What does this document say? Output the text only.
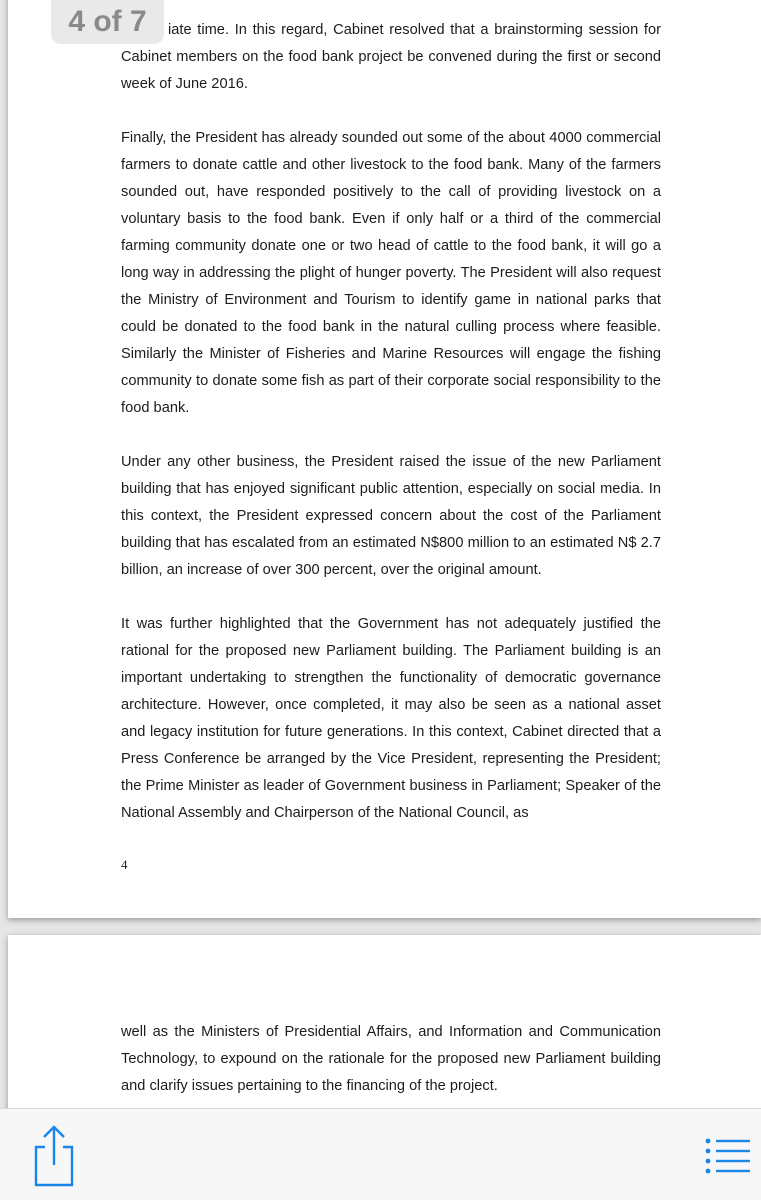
iate time. In this regard, Cabinet resolved that a brainstorming session for Cabinet members on the food bank project be convened during the first or second week of June 2016.

Finally, the President has already sounded out some of the about 4000 commercial farmers to donate cattle and other livestock to the food bank. Many of the farmers sounded out, have responded positively to the call of providing livestock on a voluntary basis to the food bank. Even if only half or a third of the commercial farming community donate one or two head of cattle to the food bank, it will go a long way in addressing the plight of hunger poverty. The President will also request the Ministry of Environment and Tourism to identify game in national parks that could be donated to the food bank in the natural culling process where feasible. Similarly the Minister of Fisheries and Marine Resources will engage the fishing community to donate some fish as part of their corporate social responsibility to the food bank.

Under any other business, the President raised the issue of the new Parliament building that has enjoyed significant public attention, especially on social media. In this context, the President expressed concern about the cost of the Parliament building that has escalated from an estimated N$800 million to an estimated N$ 2.7 billion, an increase of over 300 percent, over the original amount.

It was further highlighted that the Government has not adequately justified the rational for the proposed new Parliament building. The Parliament building is an important undertaking to strengthen the functionality of democratic governance architecture. However, once completed, it may also be seen as a national asset and legacy institution for future generations. In this context, Cabinet directed that a Press Conference be arranged by the Vice President, representing the President; the Prime Minister as leader of Government business in Parliament; Speaker of the National Assembly and Chairperson of the National Council, as

4

well as the Ministers of Presidential Affairs, and Information and Communication Technology, to expound on the rationale for the proposed new Parliament building and clarify issues pertaining to the financing of the project.

4 of 7
